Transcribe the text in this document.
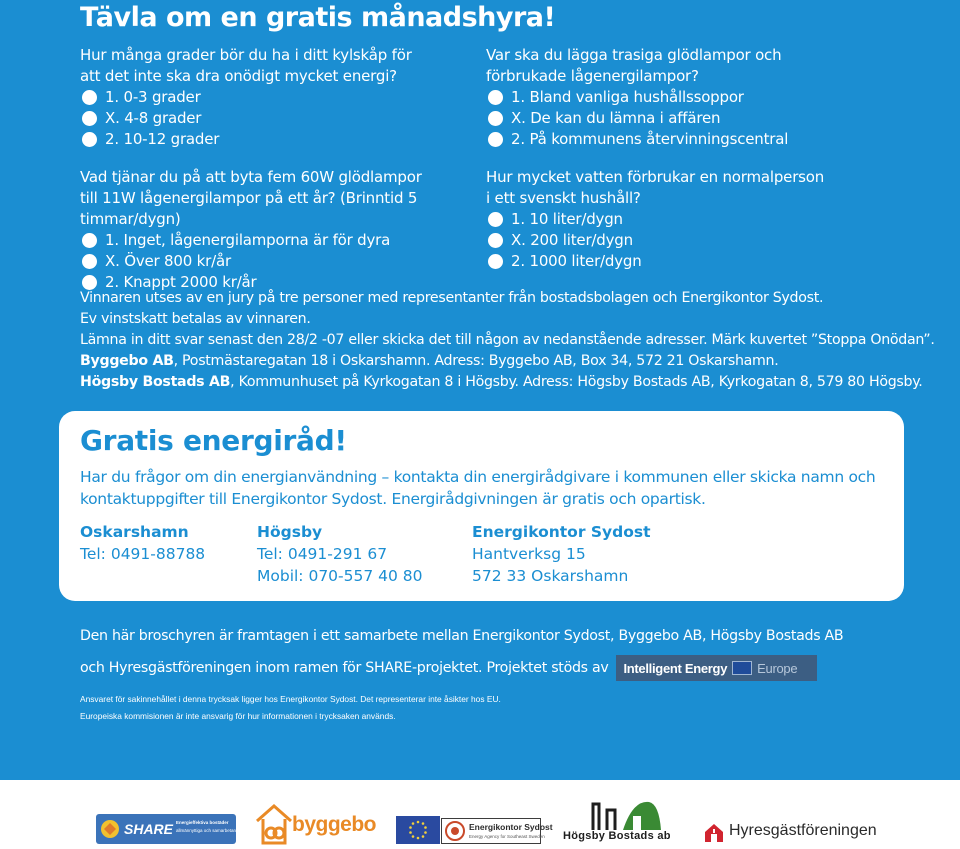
Tävla om en gratis månadshyra!
Hur många grader bör du ha i ditt kylskåp för att det inte ska dra onödigt mycket energi?
1. 0-3 grader
X. 4-8 grader
2. 10-12 grader
Vad tjänar du på att byta fem 60W glödlampor till 11W lågenergilampor på ett år? (Brinntid 5 timmar/dygn)
1. Inget, lågenergilamporna är för dyra
X. Över 800 kr/år
2. Knappt 2000 kr/år
Var ska du lägga trasiga glödlampor och förbrukade lågenergilampor?
1. Bland vanliga hushållssoppor
X. De kan du lämna i affären
2. På kommunens återvinningscentral
Hur mycket vatten förbrukar en normalperson i ett svenskt hushåll?
1. 10 liter/dygn
X. 200 liter/dygn
2. 1000 liter/dygn
Vinnaren utses av en jury på tre personer med representanter från bostadsbolagen och Energikontor Sydost.
Ev vinstskatt betalas av vinnaren.
Lämna in ditt svar senast den 28/2 -07 eller skicka det till någon av nedanstående adresser. Märk kuvertet ”Stoppa Onödan”.
Byggebo AB, Postmästaregatan 18 i Oskarshamn. Adress: Byggebo AB, Box 34, 572 21 Oskarshamn.
Högsby Bostads AB, Kommunhuset på Kyrkogatan 8 i Högsby. Adress: Högsby Bostads AB, Kyrkogatan 8, 579 80 Högsby.
Gratis energiråd!
Har du frågor om din energianvändning – kontakta din energirådgivare i kommunen eller skicka namn och kontaktuppgifter till Energikontor Sydost. Energirådgivningen är gratis och opartisk.
Oskarshamn
Tel: 0491-88788
Högsby
Tel: 0491-291 67
Mobil: 070-557 40 80
Energikontor Sydost
Hantverksg 15
572 33 Oskarshamn
Den här broschyren är framtagen i ett samarbete mellan Energikontor Sydost, Byggebo AB, Högsby Bostads AB
och Hyresgästföreningen inom ramen för SHARE-projektet. Projektet stöds av Intelligent Energy Europe
Ansvaret för sakinnehållet i denna trycksak ligger hos Energikontor Sydost. Det representerar inte åsikter hos EU.
Europeiska kommisionen är inte ansvarig för hur informationen i trycksaken används.
SHARE Energieffektiva bostäder
allmännyttiga och samarbetande byggebo	Energikontor Sydost
Energy Agency for Southeast Sweden Högsby Bostads ab	Hyresgästföreningen
